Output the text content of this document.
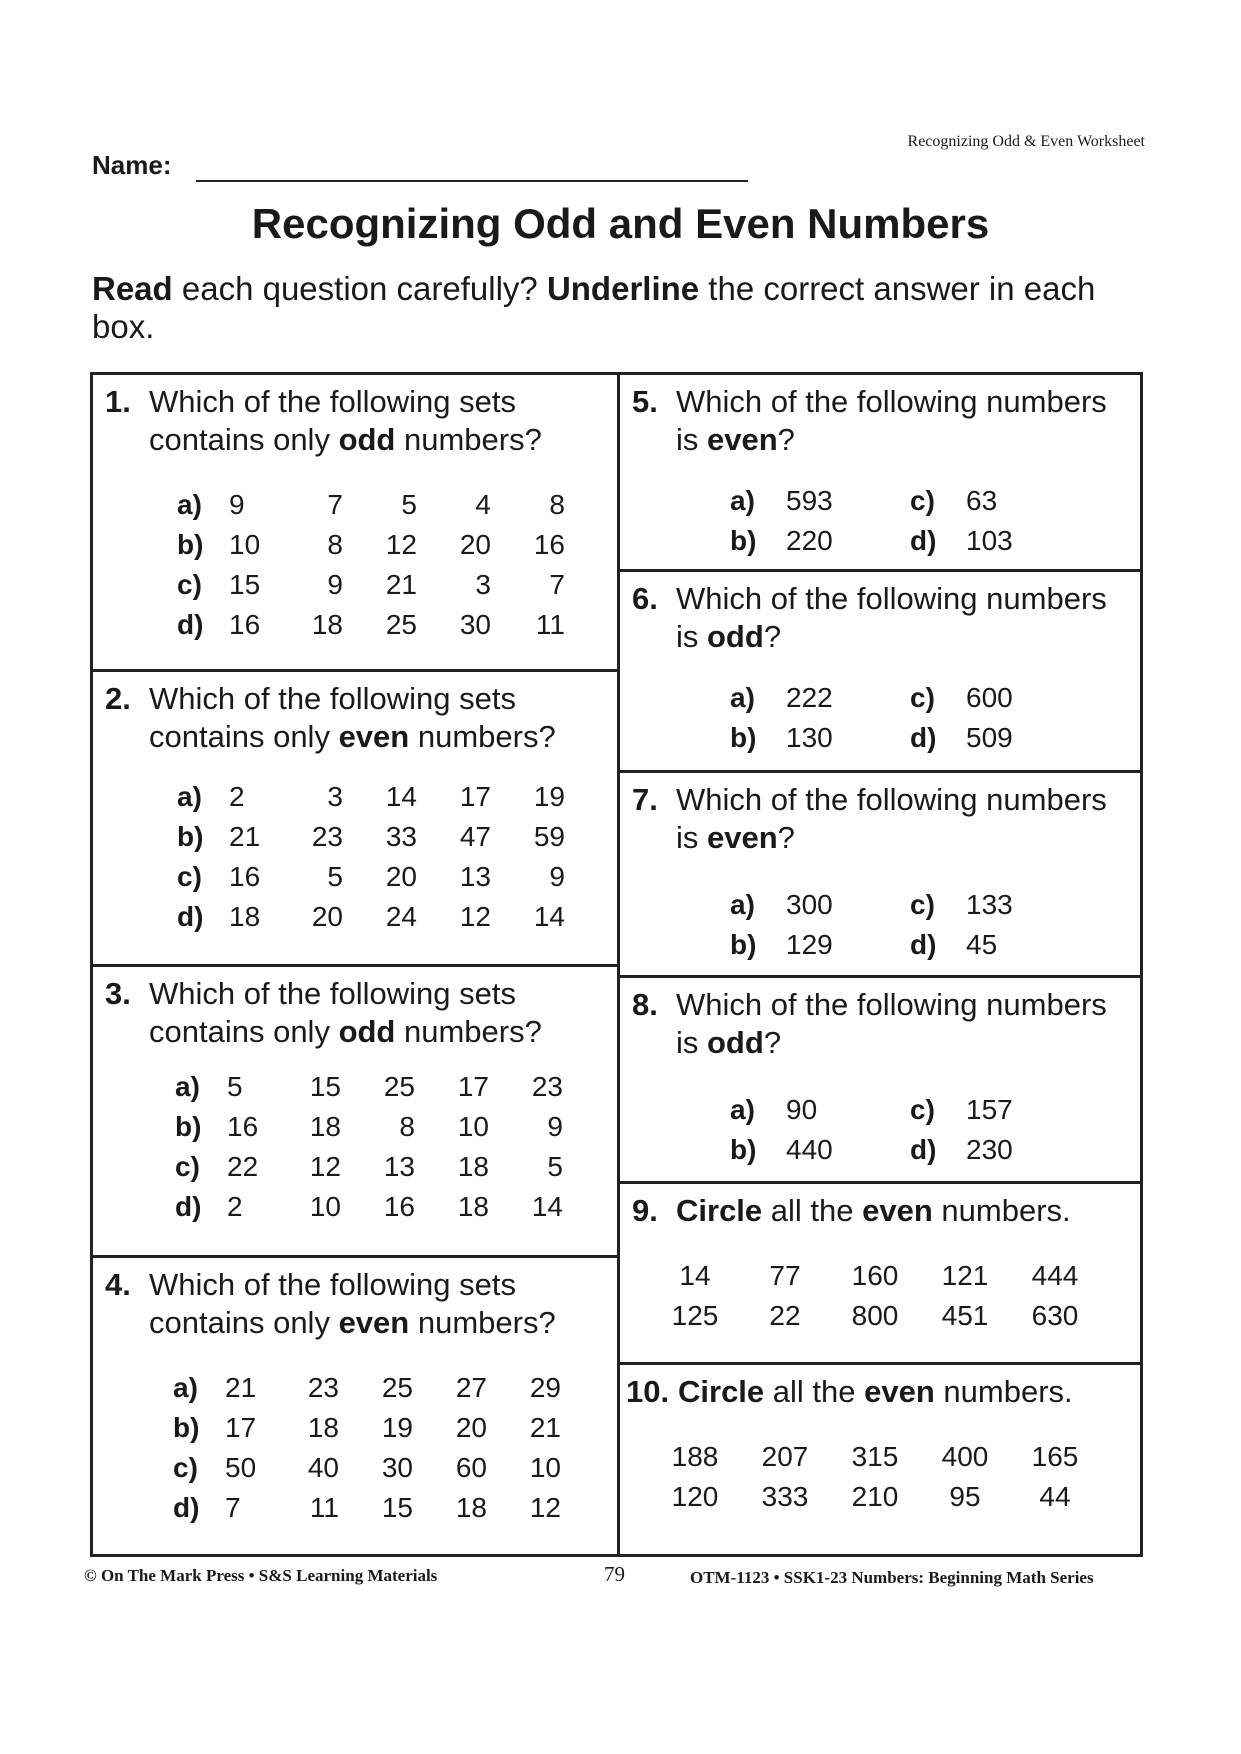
Recognizing Odd & Even Worksheet
Name:
Recognizing Odd and Even Numbers
Read each question carefully? Underline the correct answer in each box.
1. Which of the following sets contains only odd numbers?
a) 9	7	5	4	8
b) 10	8	12	20	16
c) 15	9	21	3	7
d) 16	18	25	30	11
2. Which of the following sets contains only even numbers?
a) 2	3	14	17	19
b) 21	23	33	47	59
c) 16	5	20	13	9
d) 18	20	24	12	14
3. Which of the following sets contains only odd numbers?
a) 5	15	25	17	23
b) 16	18	8	10	9
c) 22	12	13	18	5
d) 2	10	16	18	14
4. Which of the following sets contains only even numbers?
a) 21	23	25	27	29
b) 17	18	19	20	21
c) 50	40	30	60	10
d) 7	11	15	18	12
5. Which of the following numbers is even?
a)	593	c)	63
b)	220	d)	103
6. Which of the following numbers is odd?
a)	222	c)	600
b)	130	d)	509
7. Which of the following numbers is even?
a)	300	c)	133
b)	129	d)	45
8. Which of the following numbers is odd?
a)	90	c)	157
b)	440	d)	230
9. Circle all the even numbers.
14	77	160	121	444
125	22	800	451	630
10. Circle all the even numbers.
188	207	315	400	165
120	333	210	95	44
© On The Mark Press • S&S Learning Materials	79	OTM-1123 • SSK1-23 Numbers: Beginning Math Series
